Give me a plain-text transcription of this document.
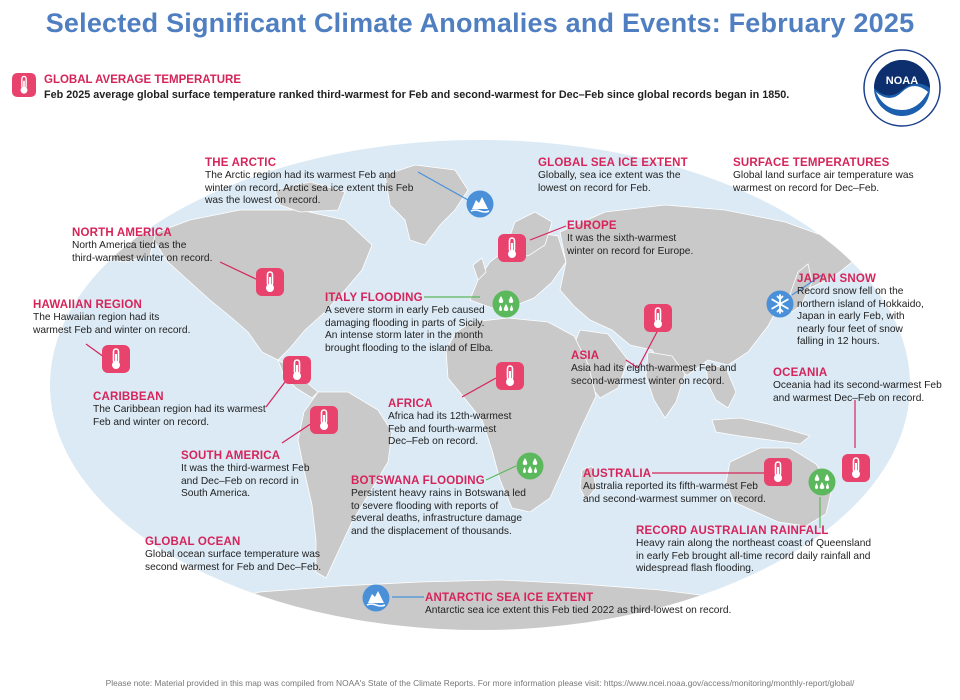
Selected Significant Climate Anomalies and Events: February 2025
GLOBAL AVERAGE TEMPERATURE
Feb 2025 average global surface temperature ranked third-warmest for Feb and second-warmest for Dec–Feb since global records began in 1850.
NOAA
THE ARCTIC
The Arctic region had its warmest Feb and
winter on record. Arctic sea ice extent this Feb
was the lowest on record.
GLOBAL SEA ICE EXTENT
Globally, sea ice extent was the
lowest on record for Feb.
SURFACE TEMPERATURES
Global land surface air temperature was
warmest on record for Dec–Feb.
NORTH AMERICA
North America tied as the
third-warmest winter on record.
EUROPE
It was the sixth-warmest
winter on record for Europe.
HAWAIIAN REGION
The Hawaiian region had its
warmest Feb and winter on record.
ITALY FLOODING
A severe storm in early Feb caused
damaging flooding in parts of Sicily.
An intense storm later in the month
brought flooding to the island of Elba.
JAPAN SNOW
Record snow fell on the
northern island of Hokkaido,
Japan in early Feb, with
nearly four feet of snow
falling in 12 hours.
ASIA
Asia had its eighth-warmest Feb and
second-warmest winter on record.
OCEANIA
Oceania had its second-warmest Feb
and warmest Dec–Feb on record.
CARIBBEAN
The Caribbean region had its warmest
Feb and winter on record.
AFRICA
Africa had its 12th-warmest
Feb and fourth-warmest
Dec–Feb on record.
SOUTH AMERICA
It was the third-warmest Feb
and Dec–Feb on record in
South America.
BOTSWANA FLOODING
Persistent heavy rains in Botswana led
to severe flooding with reports of
several deaths, infrastructure damage
and the displacement of thousands.
AUSTRALIA
Australia reported its fifth-warmest Feb
and second-warmest summer on record.
RECORD AUSTRALIAN RAINFALL
Heavy rain along the northeast coast of Queensland
in early Feb brought all-time record daily rainfall and
widespread flash flooding.
GLOBAL OCEAN
Global ocean surface temperature was
second warmest for Feb and Dec–Feb.
ANTARCTIC SEA ICE EXTENT
Antarctic sea ice extent this Feb tied 2022 as third-lowest on record.
Please note: Material provided in this map was compiled from NOAA's State of the Climate Reports. For more information please visit: https://www.ncei.noaa.gov/access/monitoring/monthly-report/global/
